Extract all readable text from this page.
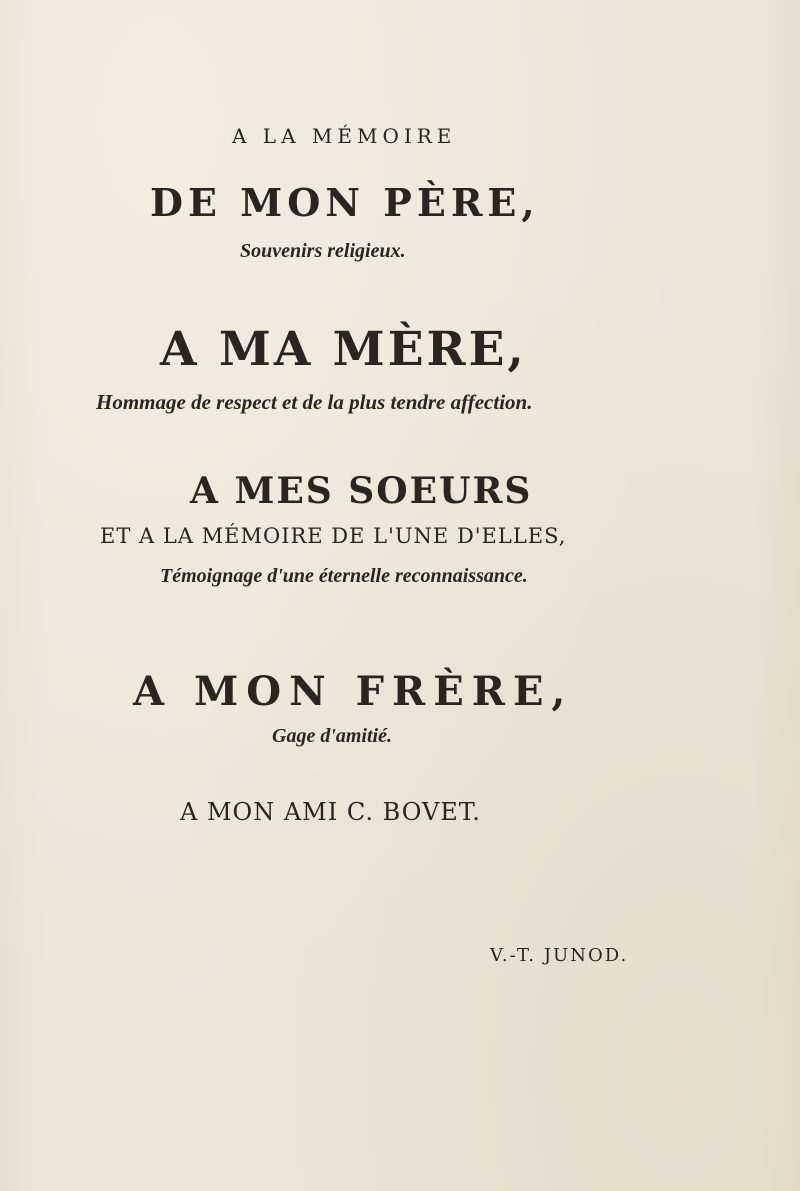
A LA MÉMOIRE

DE MON PÈRE,

Souvenirs religieux.

A MA MÈRE,

Hommage de respect et de la plus tendre affection.

A MES SOEURS

ET A LA MÉMOIRE DE L'UNE D'ELLES,

Témoignage d'une éternelle reconnaissance.

A MON FRÈRE,

Gage d'amitié.

A MON AMI C. BOVET.

V.-T. JUNOD.
